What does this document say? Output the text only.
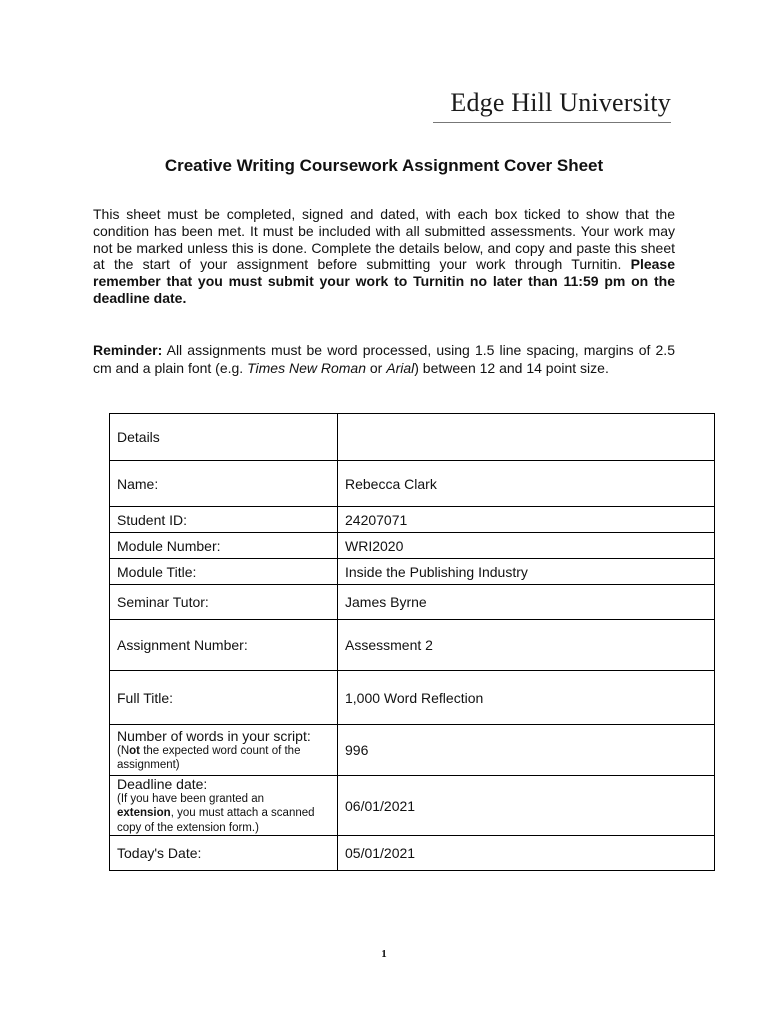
Edge Hill University
Creative Writing Coursework Assignment Cover Sheet
This sheet must be completed, signed and dated, with each box ticked to show that the condition has been met. It must be included with all submitted assessments. Your work may not be marked unless this is done. Complete the details below, and copy and paste this sheet at the start of your assignment before submitting your work through Turnitin. Please remember that you must submit your work to Turnitin no later than 11:59 pm on the deadline date.
Reminder: All assignments must be word processed, using 1.5 line spacing, margins of 2.5 cm and a plain font (e.g. Times New Roman or Arial) between 12 and 14 point size.
Details	
Name:	Rebecca Clark
Student ID:	24207071
Module Number:	WRI2020
Module Title:	Inside the Publishing Industry
Seminar Tutor:	James Byrne
Assignment Number:	Assessment 2
Full Title:	1,000 Word Reflection

Number of words in your script:
(Not the expected word count of the assignment)	996

Deadline date:
(If you have been granted an
extension, you must attach a scanned copy of the extension form.)	06/01/2021
Today's Date:	05/01/2021
1
